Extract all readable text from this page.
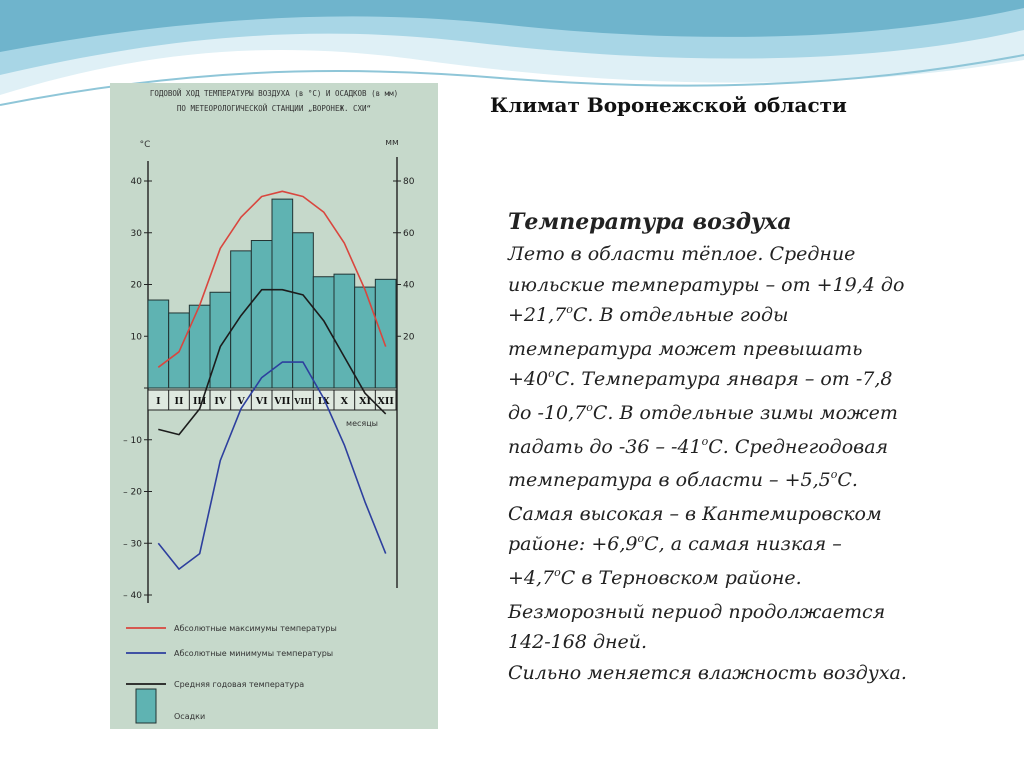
ГОДОВОЙ ХОД ТЕМПЕРАТУРЫ ВОЗДУХА (в °С) И ОСАДКОВ (в мм)
ПО МЕТЕОРОЛОГИЧЕСКОЙ СТАНЦИИ „ВОРОНЕЖ. СХИ“
°С	мм
40
30
20
10
– 10
– 20
– 30
– 40
80
60
40
20
I II III IV V VI VII VIII IX X XI XII
месяцы
Абсолютные максимумы температуры
Абсолютные минимумы температуры
Средняя годовая температура
Осадки
Климат Воронежской области
Температура воздуха
Лето в области тёплое. Средние
июльские температуры – от +19,4 до
$+21,7^oС$. В отдельные годы
температура может превышать
$+40^oС$. Температура января – от -7,8
до -10,7$^o$С. В отдельные зимы может
падать до -36 – -41$^o$С. Среднегодовая
температура в области – $+5,5^oС$.
Самая высокая – в Кантемировском
районе: $+6,9^oС$, а самая низкая –
$+4,7^oС$ в Терновском районе.
Безморозный период продолжается
142-168 дней.
Сильно меняется влажность воздуха.
